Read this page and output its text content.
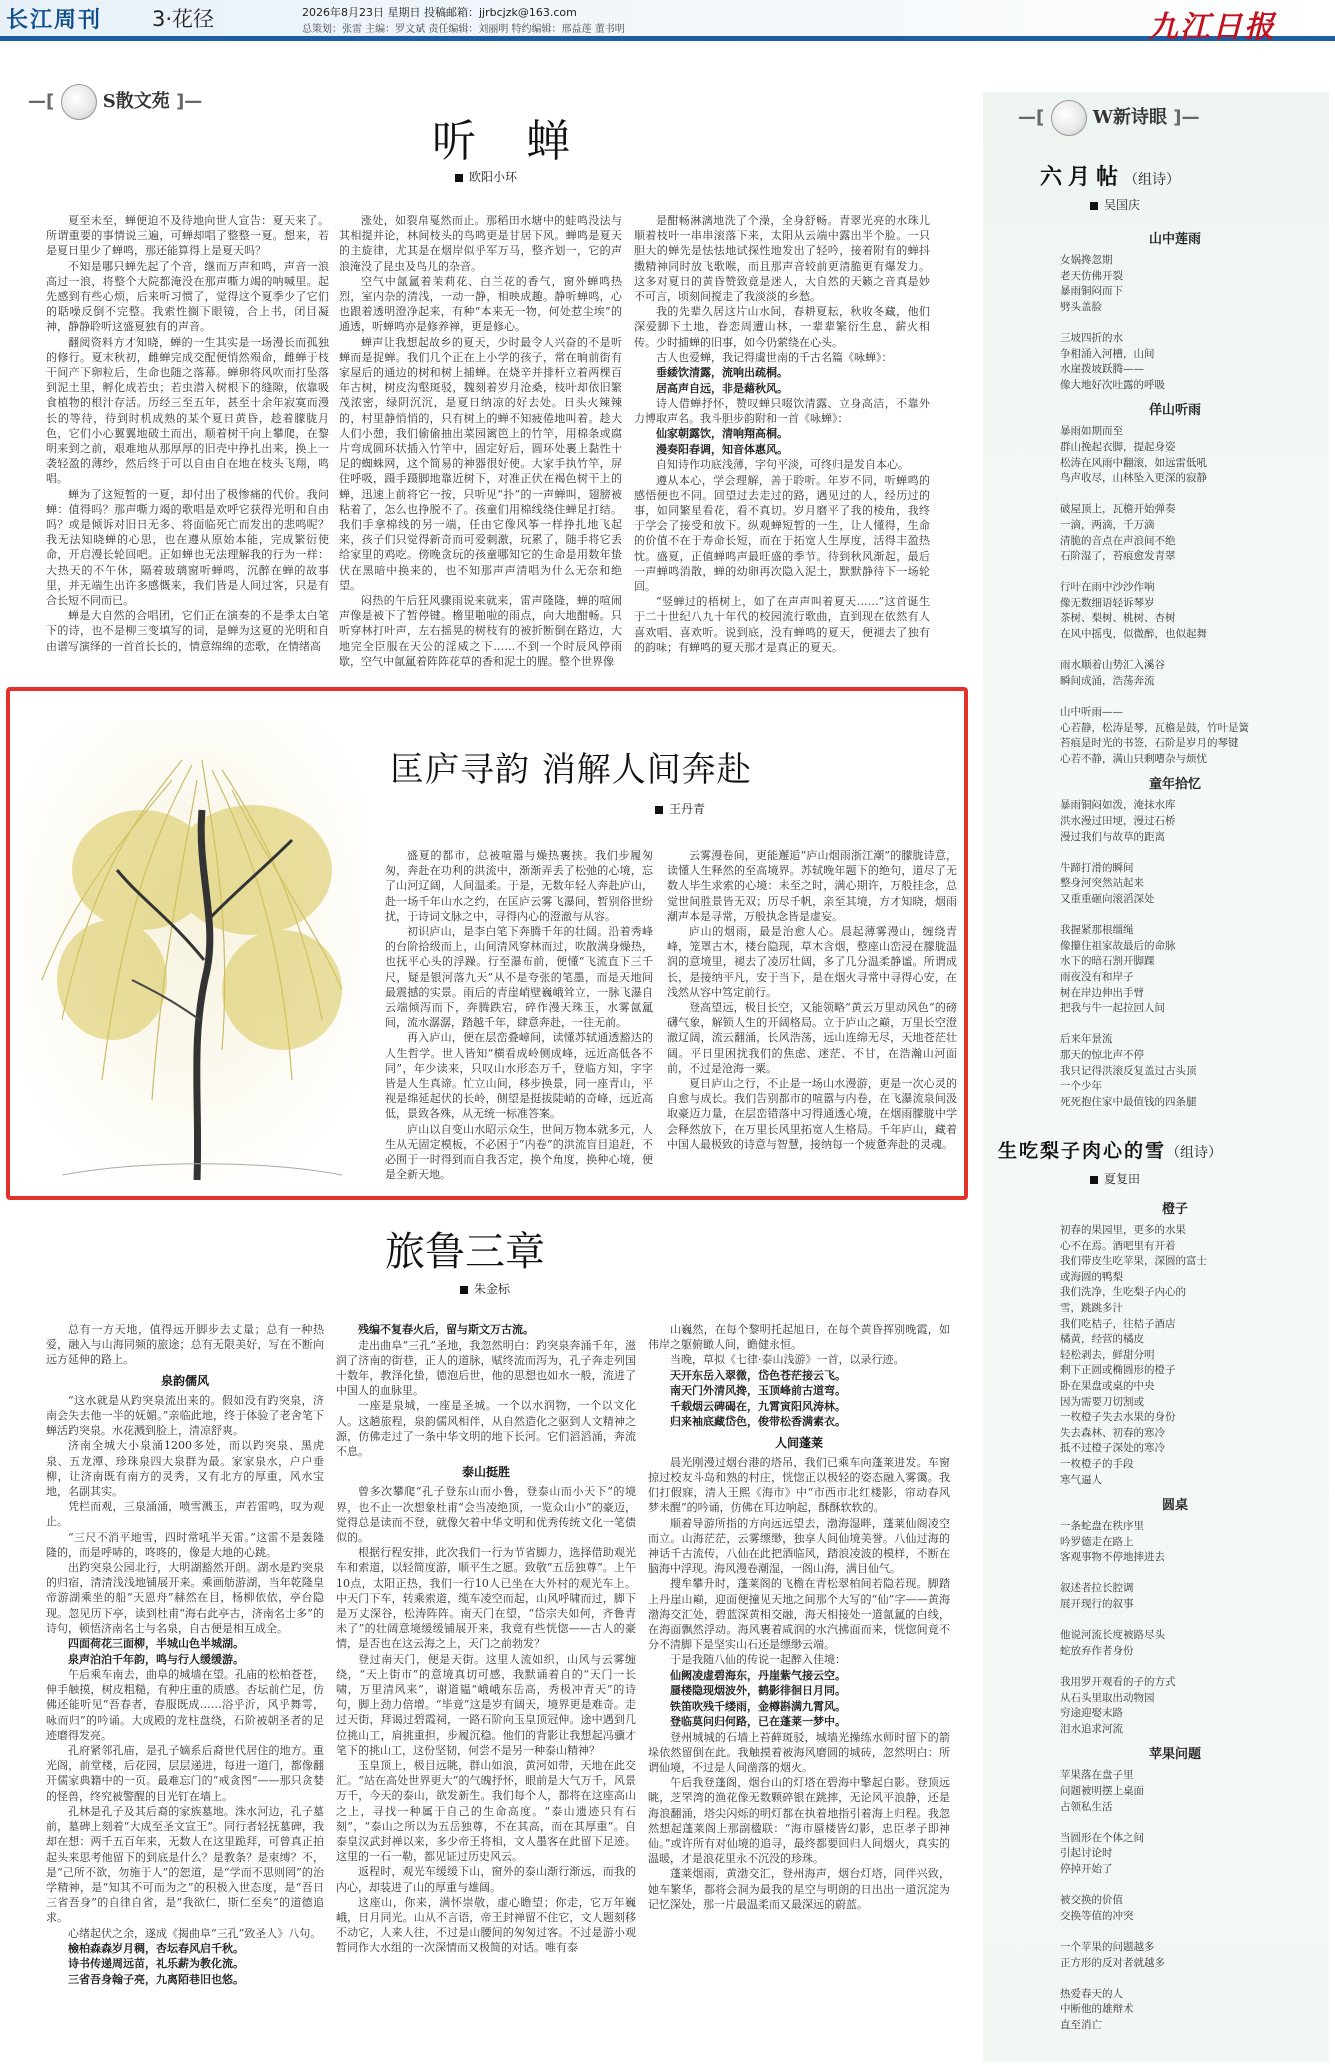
长江周刊 3·花径	2026年8月23日 星期日 投稿邮箱：jjrbcjzk@163.com
总策划：张雷 主编：罗文斌 责任编辑：刘丽明 特约编辑：邢益莲 董书明	九江日报
—[	S散文苑 ]—
听 蝉
欧阳小环

夏至未至，蝉便迫不及待地向世人宣告：夏天来了。所谓重要的事情说三遍，可蝉却唱了整整一夏。想来，若是夏日里少了蝉鸣，那还能算得上是夏天吗？

不知是哪只蝉先起了个音，继而万声和鸣，声音一浪高过一浪，将整个大院都淹没在那声嘶力竭的呐喊里。起先感到有些心烦，后来听习惯了，觉得这个夏季少了它们的聒噪反倒不完整。我索性搁下眼镜，合上书，闭目凝神，静静聆听这盛夏独有的声音。

翻阅资料方才知晓，蝉的一生其实是一场漫长而孤独的修行。夏末秋初，雌蝉完成交配便悄然殒命，雌蝉于枝干间产下卵粒后，生命也随之落幕。蝉卵将风吹而打坠落到泥土里，孵化成若虫；若虫潜入树根下的缝隙，依靠吸食植物的根汁存活。历经三至五年，甚至十余年寂寞而漫长的等待，待到时机成熟的某个夏日黄昏，趁着朦胧月色，它们小心翼翼地破土而出，顺着树干向上攀爬，在黎明来到之前，艰难地从那厚厚的旧壳中挣扎出来，换上一袭轻盈的薄纱，然后终于可以自由自在地在枝头飞翔，鸣唱。

蝉为了这短暂的一夏，却付出了极惨痛的代价。我问蝉：值得吗？那声嘶力竭的歌唱是欢呼它获得光明和自由吗？或是倾诉对旧日无多、将面临死亡而发出的悲鸣呢？我无法知晓蝉的心思，也在遵从原始本能，完成繁衍使命，开启漫长轮回吧。正如蝉也无法理解我的行为一样：大热天的不午休，隔着玻璃窗听蝉鸣，沉醉在蝉的故事里，并无端生出许多感慨来，我们皆是人间过客，只是有合长短不同而已。

蝉是大自然的合唱团，它们正在演奏的不是季太白笔下的诗，也不是柳三变填写的词，是蝉为这夏的光明和自由谱写演绎的一首首长长的，情意绵绵的恋歌，在情绪高

涨处，如裂帛戛然而止。那稻田水塘中的蛙鸣没法与其相提并论，林间枝头的鸟鸣更是甘居下风。蝉鸣是夏天的主旋律，尤其是在烟岸似乎军万马，整齐划一，它的声浪淹没了昆虫及鸟儿的杂音。

空气中氤氲着茉莉花、白兰花的香气，窗外蝉鸣热烈，室内杂的清浅，一动一静，相映成趣。静听蝉鸣，心也跟着透明澄净起来，有种“本来无一物，何处惹尘埃”的通透，听蝉鸣亦是修养禅，更是修心。

蝉声让我想起故乡的夏天，少时最令人兴奋的不是听蝉而是捉蝉。我们几个正在上小学的孩子，常在晌前街有家屋后的通边的树和树上捕蝉。在烧辛并排杆立着两棵百年古树，树皮沟壑斑驳，魏刻着岁月沧桑，枝叶却依旧繁茂浓密，绿阴沉沉，是夏日纳凉的好去处。日头火辣辣的，村里静悄悄的，只有树上的蝉不知疲倦地叫着。趁大人们小憩，我们偷偷抽出菜园篱笆上的竹竿，用棉条或腐片弯成圆环状插入竹竿中，固定好后，圆环处裹上黏性十足的蜘蛛网，这个简易的神器很好使。大家手执竹竿，屏住呼吸，蹑手蹑脚地靠近树下，对准正伏在褐色树干上的蝉，迅速上前将它一按，只听见“扑”的一声蝉叫，翅膀被粘着了，怎么也挣脱不了。孩童们用棉线绕住蝉足打结。我们手拿棉线的另一端，任由它像风筝一样挣扎地飞起来，孩子们只觉得新奇而可爱刺激，玩累了，随手将它丢给家里的鸡吃。傍晚贪玩的孩童哪知它的生命是用数年蛰伏在黑暗中换来的，也不知那声声清唱为什么无奈和绝望。

闷热的午后狂风骤雨说来就来，雷声隆隆，蝉的喧闹声像是被下了暂停键。檐里啪啦的雨点，向大地酣畅。只听穿林打叶声，左右摇晃的树枝有的被折断倒在路边，大地完全臣服在天公的淫威之下……不到一个时辰风停雨歇，空气中氤氲着阵阵花草的香和泥土的腥。整个世界像

是酣畅淋漓地洗了个澡，全身舒畅。青翠光亮的水珠儿顺着枝叶一串串滚落下来，太阳从云端中露出半个脸。一只胆大的蝉先是怯怯地试探性地发出了轻吟，接着附有的蝉抖擞精神同时放飞歌喉，而且那声音较前更清脆更有爆发力。这多对夏日的黄昏赞致竟是迷人，大自然的天籁之音真是妙不可言，顷刻间搅走了我淡淡的乡愁。

我的先辈久居这片山水间，春耕夏耘，秋收冬藏，他们深爱脚下土地，眷恋周遭山林，一辈辈繁衍生息，薪火相传。少时捕蝉的旧事，如今仍萦绕在心头。

古人也爱蝉，我记得虞世南的千古名篇《咏蝉》：

垂緌饮清露，流响出疏桐。
居高声自远，非是藉秋风。

诗人借蝉抒怀，赞叹蝉只啜饮清露、立身高洁，不靠外力博取声名。我斗胆步韵附和一首《咏蝉》：

仙家朝露饮，清响翔高桐。
漫奏阳春调，知音体惠风。

自知诗作功底浅薄，字句平淡，可终归是发自本心。

遵从本心，学会理解，善于聆听。年岁不同，听蝉鸣的感悟便也不同。回望过去走过的路，遇见过的人，经历过的事，如同繁星看花，看不真切。岁月磨平了我的棱角，我终于学会了接受和放下。纵观蝉短暂的一生，让人懂得，生命的价值不在于寿命长短，而在于拓宽人生厚度，活得丰盈热忱。盛夏，正值蝉鸣声最旺盛的季节。待到秋风渐起，最后一声蝉鸣消散，蝉的幼卵再次隐入泥土，默默静待下一场轮回。

“竖蝉过的梧树上，如了在声声叫着夏天……”这首诞生于二十世纪八九十年代的校园流行歌曲，直到现在依然有人喜欢唱、喜欢听。说到底，没有蝉鸣的夏天，便褪去了独有的韵味；有蝉鸣的夏天那才是真正的夏天。

匡庐寻韵 消解人间奔赴
王丹青

盛夏的都市，总被喧嚣与燥热裹挟。我们步履匆匆，奔赴在功利的洪流中，渐渐弄丢了松弛的心境，忘了山河辽阔，人间温柔。于是，无数年轻人奔赴庐山，赴一场千年山水之约，在匡庐云雾飞瀑间，暂别俗世纷扰，于诗词文脉之中，寻得内心的澄澈与从容。

初识庐山，是李白笔下奔腾千年的壮阔。沿着秀峰的台阶拾级而上，山间清风穿林而过，吹散满身燥热，也抚平心头的浮躁。行至瀑布前，便懂“飞流直下三千尺，疑是银河落九天”从不是夸张的笔墨，而是天地间最震撼的实景。雨后的青崖峭壁巍峨耸立，一脉飞瀑自云端倾泻而下，奔腾跌宕，碎作漫天珠玉，水雾氤氲间，流水潺潺，踏越千年，肆意奔赴，一往无前。

再入庐山，便在层峦叠嶂间，读懂苏轼通透豁达的人生哲学。世人皆知“横看成岭侧成峰，远近高低各不同”，年少读来，只叹山水形态万千，登临方知，字字皆是人生真谛。忙立山间，移步换景，同一座青山，平视是绵延起伏的长岭，侧望是挺拔陡峭的奇峰，远近高低，景致各殊，从无统一标准答案。

庐山以自变山水昭示众生，世间万物本就多元，人生从无固定模板，不必困于“内卷”的洪流盲目追赶，不必囿于一时得到而自我否定，换个角度，换种心境，便是全新天地。

云雾漫卷间，更能邂逅“庐山烟雨浙江潮”的朦胧诗意，读懂人生释然的至高境界。苏轼晚年题下的绝句，道尽了无数人毕生求索的心境：未至之时，满心期许，万般挂念，总觉世间胜景皆无双；历尽千帆，亲至其境，方才知晓，烟雨潮声本是寻常，万般执念皆是虚妄。

庐山的烟雨，最是治愈人心。晨起薄雾漫山，缠绕青峰，笼罩古木，楼台隐现，草木含烟，整座山峦浸在朦胧温润的意境里，褪去了凌厉壮阔，多了几分温柔静谧。所谓成长，是接纳平凡，安于当下，是在烟火寻常中寻得心安，在浅然从容中笃定前行。

登高望远，极目长空，又能领略“黄云万里动风色”的磅礴气象，解锁人生的开阔格局。立于庐山之巅，万里长空澄澈辽阔，流云翻涌，长风浩荡，远山连绵无尽，天地苍茫壮阔。平日里困扰我们的焦虑、迷茫、不甘，在浩瀚山河面前，不过是沧海一粟。

夏日庐山之行，不止是一场山水漫游，更是一次心灵的自愈与成长。我们告别都市的喧嚣与内卷，在飞瀑流泉间汲取豪迈力量，在层峦错落中习得通透心境，在烟雨朦胧中学会释然放下，在万里长风里拓宽人生格局。千年庐山，藏着中国人最极致的诗意与智慧，接纳每一个疲惫奔赴的灵魂。

旅鲁三章
朱金标

总有一方天地，值得远开脚步去丈量；总有一种热爱，融入与山海同频的旅途；总有无限美好，写在不断向远方延伸的路上。

泉韵儒风

“这水就是从趵突泉流出来的。假如没有趵突泉，济南会失去他一半的妩媚。”亲临此地，终于体验了老舍笔下蝉活趵突泉。水花溅到脸上，清凉舒爽。

济南全城大小泉涌1200多处，而以趵突泉、黑虎泉、五龙潭、珍珠泉四大泉群为最。家家泉水，户户垂柳，让济南既有南方的灵秀，又有北方的厚重，风水宝地，名副其实。

凭栏而观，三泉涌涌，喷雪溅玉，声若雷鸣，叹为观止。

“三尺不消平地雪，四时常吼半天雷。”这雷不是轰隆隆的，而是呼哧的，咚咚的，像是大地的心跳。

出趵突泉公园北行，大明湖豁然开朗。湖水是趵突泉的归宿，清清浅浅地铺展开来。乘画舫游湖，当年乾隆皇帝游湖乘坐的船“天恩舟”赫然在目，杨柳依依，亭台隐现。忽见历下亭，读到杜甫“海右此亭古，济南名士多”的诗句，顿悟济南名士与名泉，自古便是相互成全。

四面荷花三面柳，半城山色半城湖。
泉声泊泊千年韵，鸣与行人缓缓游。

午后乘车南去，曲阜的城墙在望。孔庙的松柏苍苍，伸手触摸，树皮粗糙，有种庄重的质感。杏坛前伫足，仿佛还能听见“吾春者，春服既成……浴乎沂，风乎舞雩，咏而归”的吟诵。大成殿的龙柱盘绕，石阶被朝圣者的足迹磨得发亮。

孔府紧邻孔庙，是孔子嫡系后裔世代居住的地方。重光阁，前堂楼，后花园，层层递进，每进一道门，都像翻开儒家典籍中的一页。最难忘门的“戒贪图”——那只贪婪的怪兽，终究被警醒的目光钉在墙上。

孔林是孔子及其后裔的家族墓地。洙水河边，孔子墓前，墓碑上刻着“大成至圣文宣王”。同行者轻抚墓碑，我却在想：两千五百年来，无数人在这里跪拜，可曾真正拍起头来思考他留下的到底是什么？是教条？是束缚？不，是“己所不欲，勿施于人”的恕道，是“学而不思则罔”的治学精神，是“知其不可而为之”的积极入世态度，是“吾日三省吾身”的自律自省，是“我欲仁，斯仁至矣”的道德追求。

心绪起伏之余，遂成《揭曲阜“三孔”致圣人》八句。

檢柏森森岁月稠，杏坛春风启千秋。
诗书传递周远苗，礼乐薪为教化流。
三省吾身翰子亮，九离陌巷旧也悠。
残编不复春火后，留与斯文万古流。

走出曲阜“三孔”圣地，我忽然明白：趵突泉奔涌千年，滋润了济南的街巷，正人的道脉，赋终流而泻为，孔子奔走列国十数年，教泽化蛰，德泡后世，他的思想也如水一般，流进了中国人的血脉里。

一座是泉城，一座是圣城。一个以水润物，一个以文化人。这趟旅程，泉韵儒风相伴，从自然造化之驱到人文精神之源，仿佛走过了一条中华文明的地下长河。它们滔滔涌，奔流不息。

泰山挺胜

曾多次攀爬“孔子登东山而小鲁，登泰山而小天下”的境界，也不止一次想象杜甫“会当凌绝顶，一览众山小”的豪迈，觉得总是读而不登，就像欠着中华文明和优秀传统文化一笔债似的。

根据行程安排，此次我们一行为节省脚力，选择借助观光车和索道，以轻简度游，顺平生之愿。致敬“五岳独尊”。上午10点，太阳正热，我们一行10人已坐在大外村的观光车上。中天门下车，转乘索道，缆车凌空而起，山风呼啸而过，脚下是万丈深谷，松涛阵阵。南天门在望，“岱宗夫如何，齐鲁青未了”的壮阔意境缓缓铺展开来，我竟有些恍惚——古人的豪情，是否也在这云海之上，天门之前勃发？

登过南天门，便是天街。这里人流如织，山风与云雾缠绕，“天上街市”的意境真切可感，我默诵着自的“天门一长啸，万里清风来”，谢道韫“峨峨东岳高，秀极冲青天”的诗句，脚上劲力倍增。“毕竟”这是岁有阔天，境界更是难奇。走过天街，拜谒过碧霞祠，一路石阶向玉皇顶冠伸。途中遇到几位挑山工，肩挑重担，步履沉稳。他们的背影让我想起冯骥才笔下的挑山工，这份坚韧，何尝不是另一种泰山精神？

玉皇顶上，极目远眺，群山如浪，黄河如带，天地在此交汇。“站在高处世界更大”的气魄抒怀，眼前是大气万千，风景万千，今天的泰山，欲发新生。我们每个人，都将在这座高山之上，寻找一种属于自己的生命高度。“泰山遗迹只有石刻”，“泰山之所以为五岳独尊，不在其高，而在其厚重”。自泰皇汉武封禅以来，多少帝王将相，文人墨客在此留下足迹。这里的一石一勒，都见证过历史风云。

返程时，观光车缓缓下山，窗外的泰山渐行渐远，而我的内心，却装进了山的厚重与雄阔。

这座山，你来，满怀崇敬，虚心瞻望；你走，它万年巍峨，日月同光。山从不言语，帝王封禅留不住它，文人题刻移不动它，人来人往，不过是山腰间的匆匆过客。不过是游小观暂同作大水组的一次深情而又极简的对话。唯有泰

山巍然，在每个黎明托起旭日，在每个黄昏挥别晚霞，如伟岸之躯俯瞰人间，瞻健永恒。

当晚，草拟《七律·泰山浅游》一首，以录行迹。

天开东岳入翠微，岱色苍茫接云飞。
南天门外清风搀，玉顶峰前古道弯。
千载烟云碑碣在，九霄寅阳风涛林。
归来袖底藏岱色，俊带松香满素衣。
人间蓬莱

晨光刚漫过烟台港的塔吊，我们已乘车向蓬莱进发。车窗掠过校友斗岛和熟的村庄，恍惚正以极轻的姿态融入雾霭。我们打假寐，清人王熙《海市》中“市西市北红楼影，帘动春风梦未醒”的吟诵，仿佛在耳边响起，酥酥软软的。

顺着导游所指的方向远远望去，渤海湿畔，蓬莱仙阁凌空而立。山海茫茫，云雾缥缈，独享人间仙境美誉。八仙过海的神话千古流传，八仙在此把酒临风，踏浪凌波的模样，不断在脑海中浮现。海风漫卷潮湿，一阁山海，满目仙气。

搜牟攀升时，蓬莱阁的飞檐在青松翠柏间若隐若现。脚踏上丹崖山巅，迎面便撞见天地之间那个大写的“仙”字——黄海渤海交汇处，碧蓝深黄相交融，海天相接处一道氤氲的白线，在海面飘然浮动。海风裹着咸润的水汽拂面而来，恍惚间竟不分不清脚下是坚实山石还是缥缈云端。

于是我随八仙的传说一起醉入佳境：

仙阙凌虚碧海东，丹崖紫气接云空。
蜃楼隐现烟波外，鹤影徘徊日月同。
铁笛吹残千缕雨，金樽斟满九霄风。
登临莫问归何路，已在蓬莱一梦中。

登州城城的石墙上苔藓斑驳，城墙光操练水师时留下的箭垛依然留倒在此。我触摸着被海风磨圆的城砖，忽然明白：所谓仙境，不过是人间凿落的烟火。

午后我登蓬阁，烟台山的灯塔在碧海中擎起白影。登顶远眺，芝罘湾的渔花像无数颗碎银在跳摔，无论风平浪静，还是海浪翻涌，塔尖闪烁的明灯都在执着地指引着海上归程。我忽然想起蓬莱阁上那副楹联：“海市蜃楼皆幻影，忠臣孝子即神仙。”或许所有对仙境的追寻，最终都要回归人间烟火，真实的温暖，才是浪花里永不沉没的珍珠。

蓬莱烟雨，黄渤交汇，登州海声，烟台灯塔，同伴兴致，她车繁华，都将会洞为最我的星空与明朗的日出出一道沉淀为记忆深处，那一片最温柔而又最深远的蔚蓝。

—[	W新诗眼 ]—
六月帖（组诗）
吴国庆
山中莲雨
女娲搀忽期
老天仿佛开裂
暴雨铜闷而下
劈头盖脸

三坡四折的水
争相涌入河槽，山间
水崖拨坡跃腾——
像大地好次吐露的呼吸
佯山听雨
暴雨如期而至
群山挽起衣脚，提起身姿
松涛在风雨中翻滚，如远雷低吼
鸟声收尽，山林坠入更深的寂静

破屋顶上，瓦檐开始弹奏
一滴，两滴，千万滴
清脆的音点在声浪间不绝
石阶湿了，苔痕愈发青翠

行叶在雨中沙沙作响
像无数细语轻诉琴岁
茶树、梨树、桃树、杏树
在风中摇曳，似微醉，也似起舞

雨水顺着山势汇入溪谷
瞬间成涌，浩荡奔流

山中听雨——
心若静，松涛是琴，瓦檐是鼓，竹叶是簧
苔痕是时光的书签，石阶是岁月的琴键
心若不静，满山只剩嘈杂与烦忧
童年拾忆
暴雨铜闷如泼，淹抹水库
洪水漫过田埂，漫过石桥
漫过我们与故草的距离

牛蹄打滑的瞬间
整身河突然站起来
又重重砸向滚滔深处

我握紧那根缰绳
像攥住祖家故最后的命脉
水下的暗石割开脚踝
雨夜没有和岸子
树在岸边伸出手臂
把我与牛一起拉回人间

后来年景流
那天的惊北声不停
我只记得洪滚反复盖过古头顶
一个少年
死死抱住家中最值钱的四条腿
生吃梨子肉心的雪（组诗）
夏复田
橙子
初春的果园里，更多的水果
心不在焉。酒吧里有开着
我们带皮生吃苹果，深圆的富士
或海圆的鸭梨
我们洗净，生吃梨子内心的
雪，跳跳多汁
我们吃桔子，往桔子酒店
橘黄，经营的橘皮
轻松剥去，鲜甜分明
剩下正圆或椭圆形的橙子
卧在果盘或桌的中央
因为需要刀切割或
一枚橙子失去水果的身份
失去森林、初春的寒冷
抵不过橙子深处的寒冷
一枚橙子的手段
寒气逼人
圆桌
一条蛇盘在秩序里
吟罗德走在路上
客观事物不停地摔进去

叙述者拉长腔调
展开现行的叙事

他说河流长度被路尽头
蛇放弃作者身份

我用罗开观看的子的方式
从石头里取出动物园
穷途迎娶末路
泪水追求河流
苹果问题
苹果落在盘子里
问题被明摆上桌面
占领私生活

当圆形在个体之间
引起讨论时
停掉开始了

被交换的价值
交换等值的冲突

一个苹果的问题越多
正方形的反对者就越多

热爱春天的人
中断他的雄辩术
直至消亡
